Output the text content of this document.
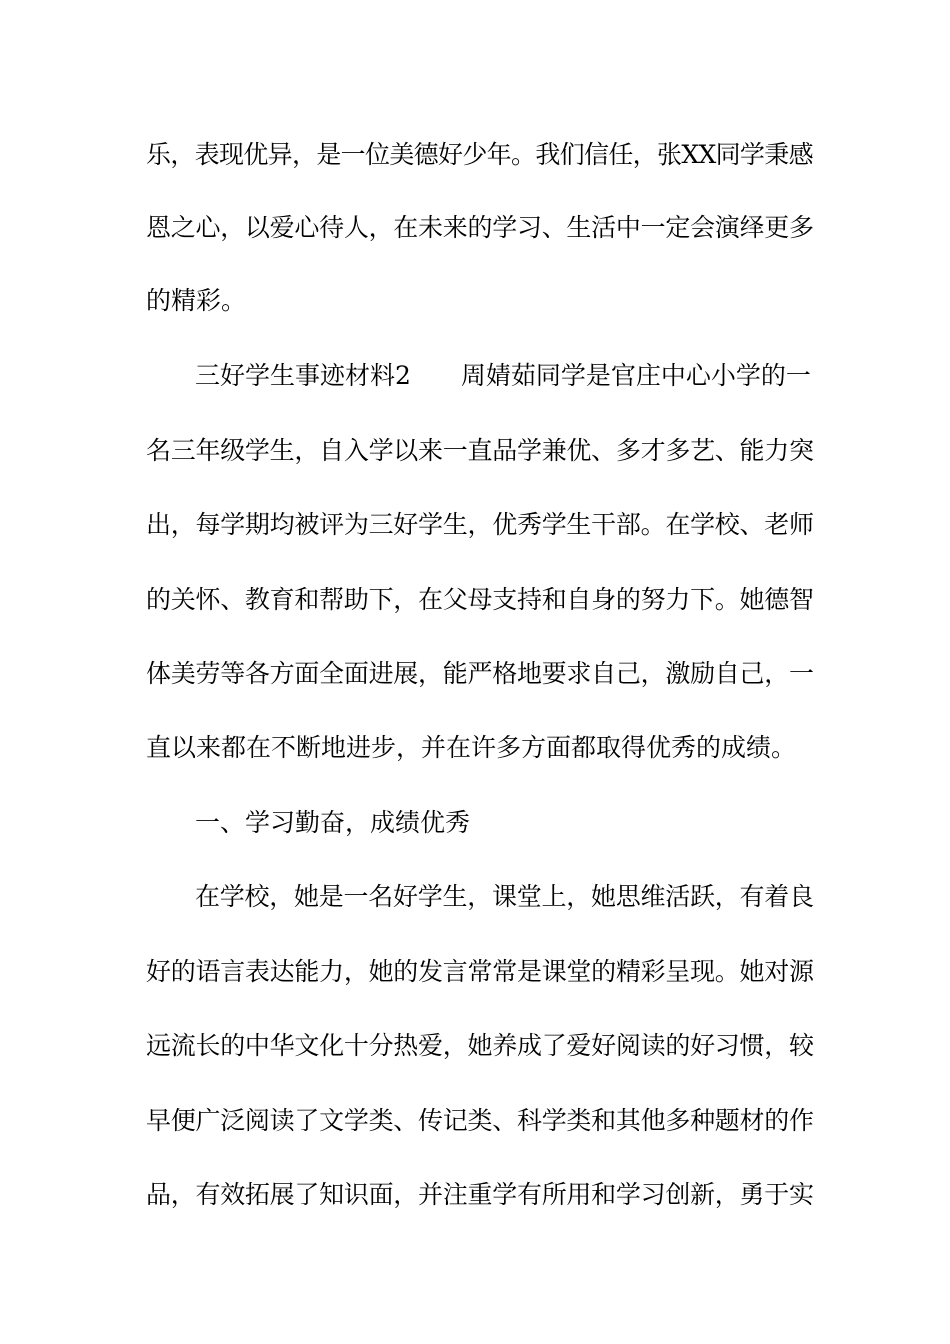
乐，表现优异，是一位美德好少年。我们信任，张XX同学秉感
恩之心，以爱心待人，在未来的学习、生活中一定会演绎更多
的精彩。
三好学生事迹材料2　　周婧茹同学是官庄中心小学的一
名三年级学生，自入学以来一直品学兼优、多才多艺、能力突
出，每学期均被评为三好学生，优秀学生干部。在学校、老师
的关怀、教育和帮助下，在父母支持和自身的努力下。她德智
体美劳等各方面全面进展，能严格地要求自己，激励自己，一
直以来都在不断地进步，并在许多方面都取得优秀的成绩。
一、学习勤奋，成绩优秀
在学校，她是一名好学生，课堂上，她思维活跃，有着良
好的语言表达能力，她的发言常常是课堂的精彩呈现。她对源
远流长的中华文化十分热爱，她养成了爱好阅读的好习惯，较
早便广泛阅读了文学类、传记类、科学类和其他多种题材的作
品，有效拓展了知识面，并注重学有所用和学习创新，勇于实
